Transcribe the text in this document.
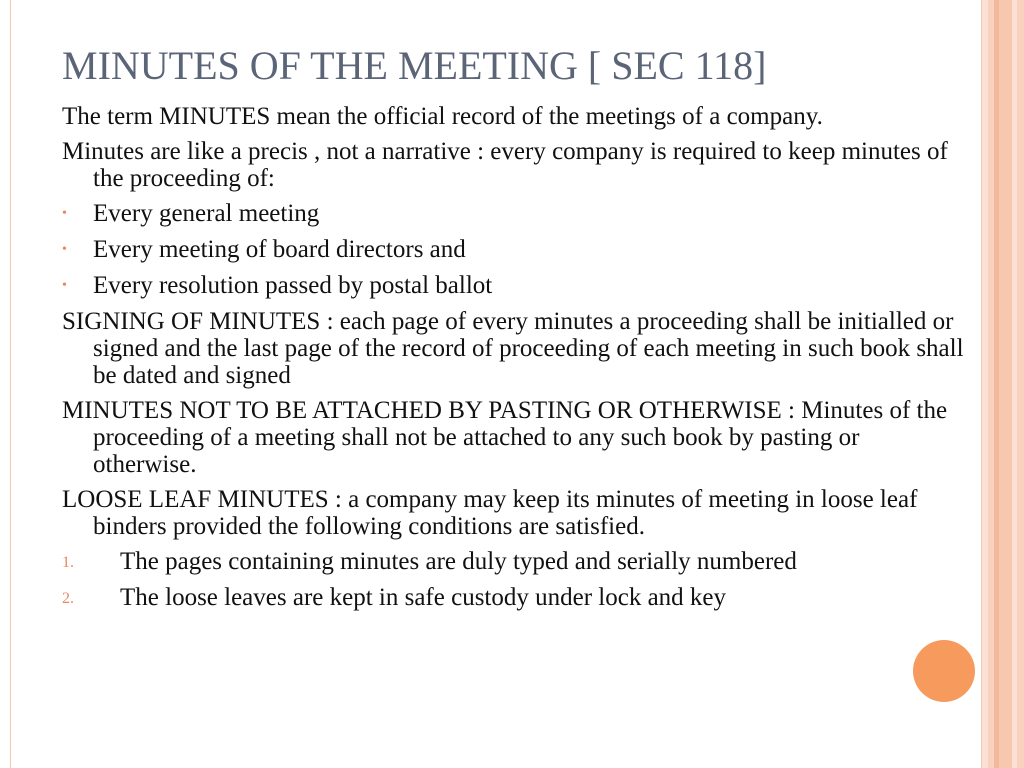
MINUTES OF THE MEETING [ SEC 118]
The term MINUTES mean the official record of the meetings of a company.
Minutes are like a precis , not a narrative : every company is required to keep minutes of the proceeding of:
• Every general meeting
• Every meeting of board directors and
• Every resolution passed by postal ballot
SIGNING OF MINUTES : each page of every minutes a proceeding shall be initialled or signed and the last page of the record of proceeding of each meeting in such book shall be dated and signed
MINUTES NOT TO BE ATTACHED BY PASTING OR OTHERWISE : Minutes of the proceeding of a meeting shall not be attached to any such book by pasting or otherwise.
LOOSE LEAF MINUTES : a company may keep its minutes of meeting in loose leaf binders provided the following conditions are satisfied.
1. The pages containing minutes are duly typed and serially numbered
2. The loose leaves are kept in safe custody under lock and key
